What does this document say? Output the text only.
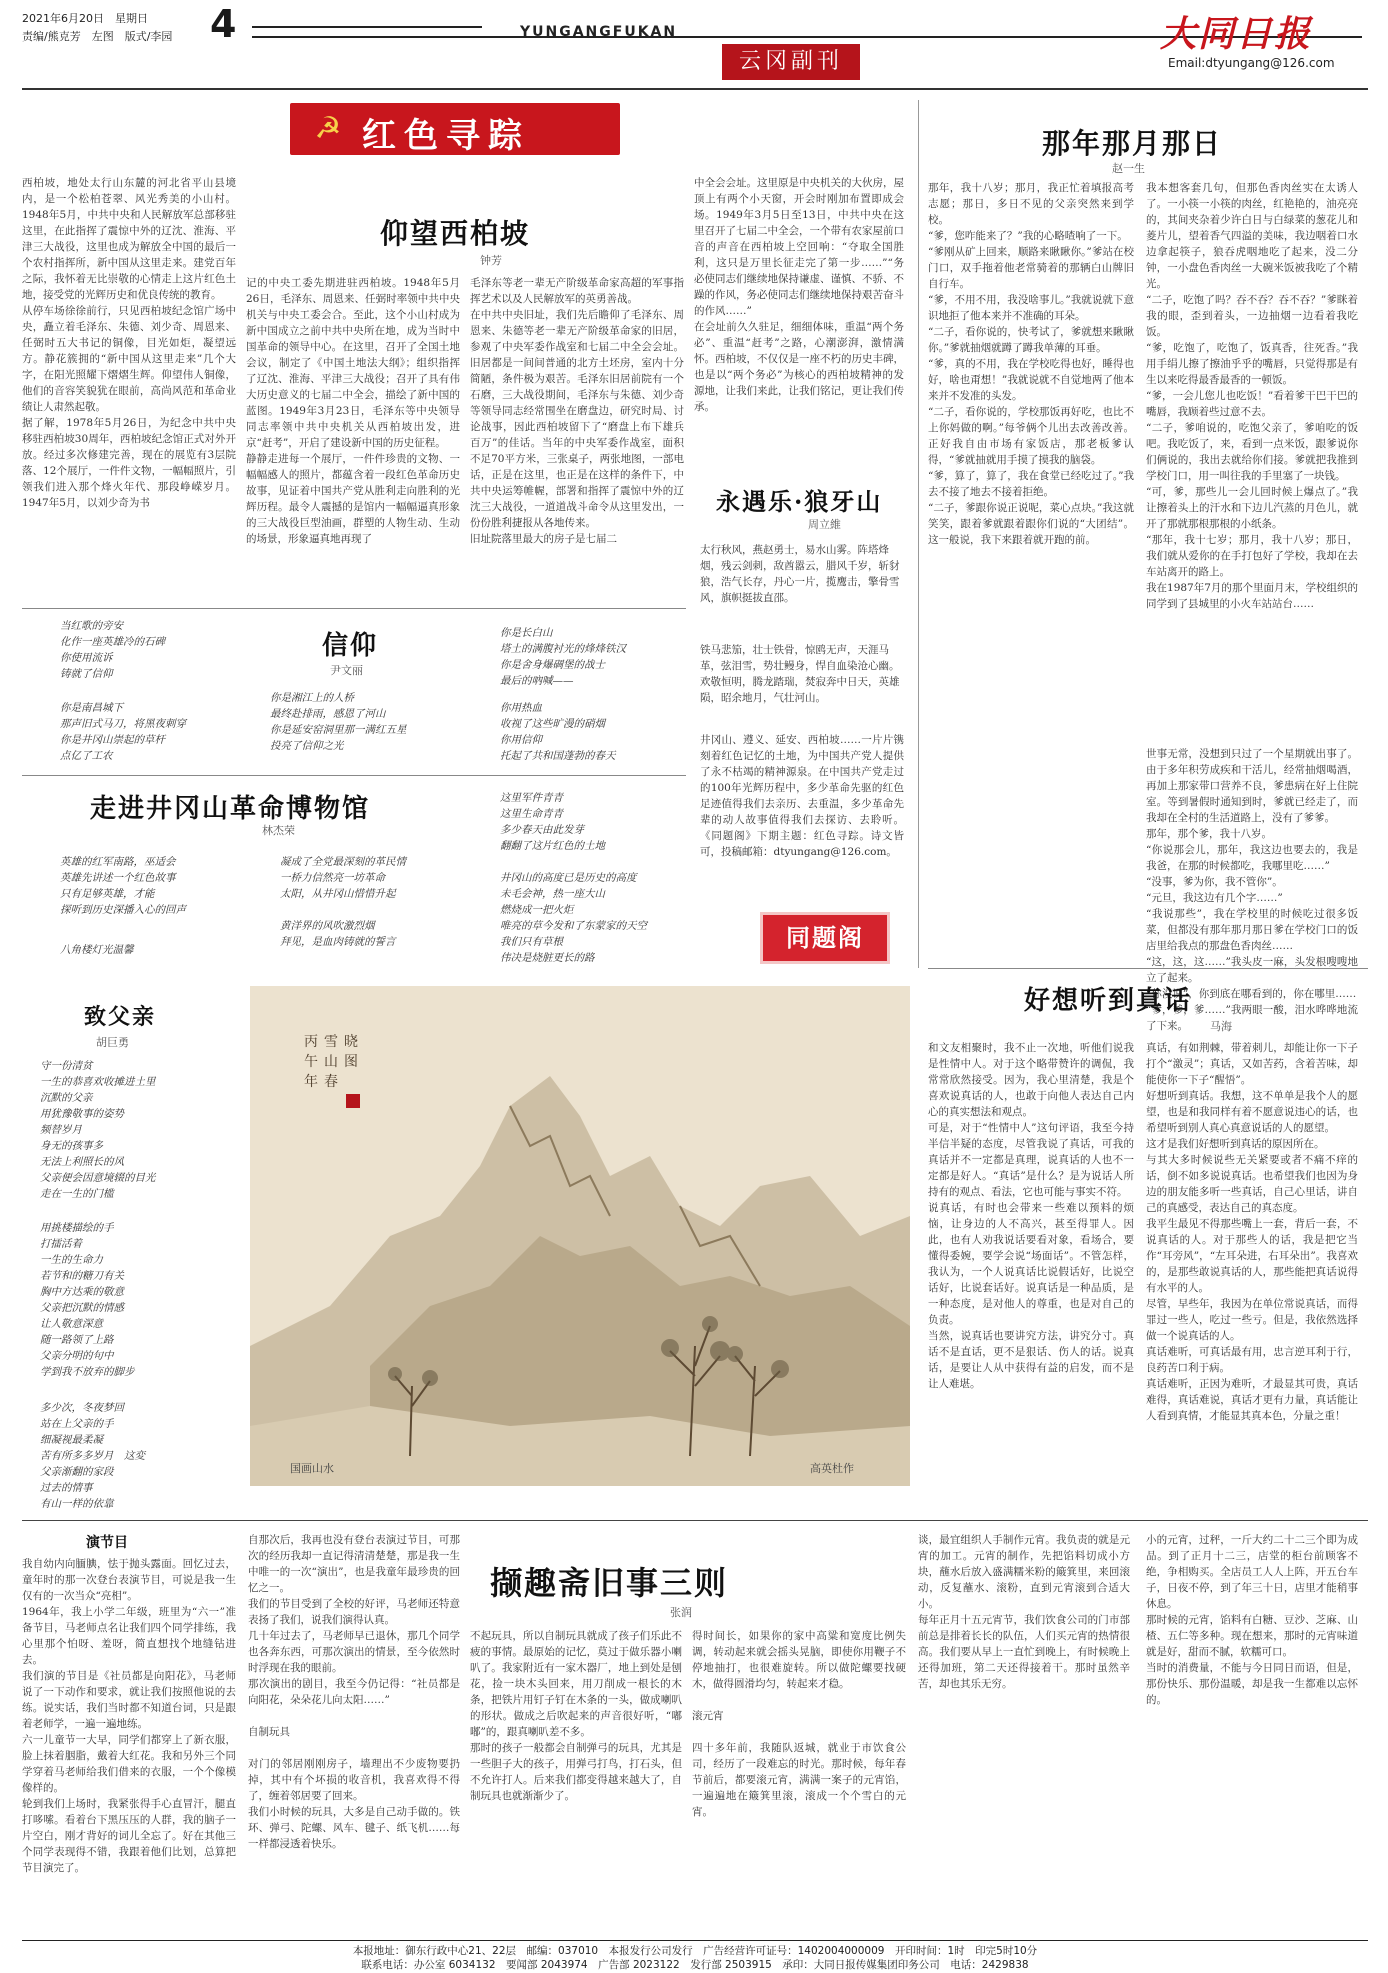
2021年6月20日　星期日
责编/熊克芳　左图　版式/李园 4	YUNGANGFUKAN
云冈副刊
大同日报
Email:dtyungang@126.com
☭ 红色寻踪
仰望西柏坡
钟芳
西柏坡，地处太行山东麓的河北省平山县境内，是一个松柏苍翠、风光秀美的小山村。1948年5月，中共中央和人民解放军总部移驻这里，在此指挥了震惊中外的辽沈、淮海、平津三大战役，这里也成为解放全中国的最后一个农村指挥所，新中国从这里走来。建党百年之际，我怀着无比崇敬的心情走上这片红色土地，接受党的光辉历史和优良传统的教育。
从停车场徐徐前行，只见西柏坡纪念馆广场中央，矗立着毛泽东、朱德、刘少奇、周恩来、任弼时五大书记的铜像，目光如炬，凝望远方。静花簇拥的“新中国从这里走来”几个大字，在阳光照耀下熠熠生辉。仰望伟人铜像，他们的音容笑貌犹在眼前，高尚风范和革命业绩让人肃然起敬。
据了解，1978年5月26日，为纪念中共中央移驻西柏坡30周年，西柏坡纪念馆正式对外开放。经过多次修建完善，现在的展览有3层院落、12个展厅，一件件文物，一幅幅照片，引领我们进入那个烽火年代、那段峥嵘岁月。1947年5月，以刘少奇为书
记的中央工委先期进驻西柏坡。1948年5月26日，毛泽东、周恩来、任弼时率领中共中央机关与中央工委会合。至此，这个小山村成为新中国成立之前中共中央所在地，成为当时中国革命的领导中心。在这里，召开了全国土地会议，制定了《中国土地法大纲》；组织指挥了辽沈、淮海、平津三大战役；召开了具有伟大历史意义的七届二中全会，描绘了新中国的蓝图。1949年3月23日，毛泽东等中央领导同志率领中共中央机关从西柏坡出发，进京“赶考”，开启了建设新中国的历史征程。
静静走进每一个展厅，一件件珍贵的文物、一幅幅感人的照片，都蕴含着一段红色革命历史故事，见证着中国共产党从胜利走向胜利的光辉历程。最令人震撼的是馆内一幅幅逼真形象的三大战役巨型油画，群塑的人物生动、生动的场景，形象逼真地再现了
毛泽东等老一辈无产阶级革命家高超的军事指挥艺术以及人民解放军的英勇善战。
在中共中央旧址，我们先后瞻仰了毛泽东、周恩来、朱德等老一辈无产阶级革命家的旧居，参观了中央军委作战室和七届二中全会会址。旧居都是一间间普通的北方土坯房，室内十分简陋，条件极为艰苦。毛泽东旧居前院有一个石磨，三大战役期间，毛泽东与朱德、刘少奇等领导同志经常围坐在磨盘边，研究时局、讨论战事，因此西柏坡留下了“磨盘上布下雄兵百万”的佳话。当年的中央军委作战室，面积不足70平方米，三张桌子，两张地图，一部电话，正是在这里，也正是在这样的条件下，中共中央运筹帷幄，部署和指挥了震惊中外的辽沈三大战役，一道道战斗命令从这里发出，一份份胜利捷报从各地传来。
旧址院落里最大的房子是七届二
中全会会址。这里原是中央机关的大伙房，屋顶上有两个小天窗，开会时刚加布置即成会场。1949年3月5日至13日，中共中央在这里召开了七届二中全会，一个带有农家屋前口音的声音在西柏坡上空回响：“夺取全国胜利，这只是万里长征走完了第一步……”“务必使同志们继续地保持谦虚、谨慎、不骄、不躁的作风，务必使同志们继续地保持艰苦奋斗的作风……”
在会址前久久驻足，细细体味，重温“两个务必”、重温“赶考”之路，心潮澎湃，激情满怀。西柏坡，不仅仅是一座不朽的历史丰碑，也是以“两个务必”为核心的西柏坡精神的发源地，让我们来此，让我们铭记，更让我们传承。
信仰
尹文丽
当红歌的旁安
化作一座英雄冷的石碑
你使用流诉
铸就了信仰
你是南昌城下
那声旧式马刀，将黑夜刺穿
你是井冈山崇起的草杆
点亿了工农
你是湘江上的人桥
最终赴排雨，感恩了河山
你是延安窑洞里那一满红五星
投亮了信仰之光
你是长白山
塔土的满腹衬光的烽烽铁汉
你是舍身爆碉堡的战士
最后的吶喊——
你用热血
收视了这些旷漫的硝烟
你用信仰
托起了共和国蓬勃的春天
走进井冈山革命博物馆
林杰荣
英雄的红军南路，巫适会
英雄先讲述一个红色故事
只有足够英雄，才能
探听到历史深播入心的回声
八角楼灯光温馨
凝成了全党最深刻的革民情
一桥力信然亮一坊革命
太阳，从井冈山惜惜升起

黄洋界的风吹激烈烟
拜见，是血肉铸就的誓言
这里军件青青
这里生命青青
多少春天由此发芽
翻翻了这片红色的土地

井冈山的高度已是历史的高度
未毛会神，热一座大山
燃烧成一把火炬
唯亮的草今发和了东蒙家的天空
我们只有草根
伟决是烧脏更长的路
永遇乐·狼牙山
周立維
太行秋风，燕赵勇士，易水山雾。阵塔烽烟，残云剑刺，敌酋嚣云，腊风千岁，斩豺狼，浩气长存，丹心一片，揽鹰击，擎骨雪风，旗帜挺拔直邵。
铁马悲笳，壮士铁骨，惊鸥无声，天涯马革，弦泪雪，势壮鳗身，悍自血染沧心幽。欢敬恒明，腾龙踏瑞，焚寂奔中日天，英雄陨，昭余地月，气壮河山。
井冈山、遵义、延安、西柏坡……一片片镌刻着红色记忆的土地，为中国共产党人提供了永不枯竭的精神源泉。在中国共产党走过的100年光辉历程中，多少革命先驱的红色足迹值得我们去亲历、去重温，多少革命先辈的动人故事值得我们去探访、去聆听。《同题阁》下期主题：红色寻踪。诗文皆可，投稿邮箱：dtyungang@126.com。
同题阁
那年那月那日
赵一生
那年，我十八岁；那月，我正忙着填报高考志愿；那日，多日不见的父亲突然来到学校。
“爹，您咋能来了？”我的心略喳响了一下。
“爹刚从矿上回来，顺路来瞅瞅你。”爹站在校门口，双手拖着他老常骑着的那辆白山牌旧自行车。
“爹，不用不用，我没啥事儿。”我就说就下意识地拒了他本来并不准确的耳朵。
“二子，看你说的，快考试了，爹就想来瞅瞅你。”爹就抽烟就蹲了蹲我单薄的耳垂。
“爹，真的不用，我在学校吃得也好，睡得也好，啥也甭想！”我就说就不自觉地两了他本来并不发准的头发。
“二子，看你说的，学校那饭再好吃，也比不上你妈做的啊。”每爷俩个儿出去改善改善。正好我自由市场有家饭店，那老板爹认得，“爹就抽就用手摸了摸我的脑袋。
“爹，算了，算了，我在食堂已经吃过了。”我去不接了地去不接着拒绝。
“二子，爹跟你说正说呢，菜心点块。”我这就笑笑，跟着爹就跟着跟你们说的“大团结”。这一般说，我下来跟着就开跑的前。
我本想客套几句，但那色香肉丝实在太诱人了。一小筷一小筷的肉丝，红艳艳的，油亮亮的，其间夹杂着少许白日与白绿菜的葱花儿和菱片儿，望着香气四溢的美味，我边咽着口水边拿起筷子，狼吞虎咽地吃了起来，没二分钟，一小盘色香肉丝一大碗米饭被我吃了个精光。
“二子，吃饱了吗？吞不吞？吞不吞？”爹眯着我的眼，歪到着头，一边抽烟一边看着我吃饭。
“爹，吃饱了，吃饱了，饭真香，往死香。”我用手绢儿擦了擦油乎乎的嘴唇，只觉得那是有生以来吃得最香最香的一顿饭。
“爹，一会儿您儿也吃饭！”看着爹干巴干巴的嘴唇，我顾着些过意不去。
“二子，爹咱说的，吃饱父亲了，爹咱吃的饭吧。我吃饭了，来，看到一点米饭，跟爹说你们俩说的，我出去就给你们接。爹就把我推到学校门口，用一叫往我的手里塞了一块钱。
“可，爹，那些儿一会儿回时候上爆点了。”我让擦着头上的汗水和下边儿汽蒸的月色儿，就开了那就那根那根的小纸条。
“那年，我十七岁；那月，我十八岁；那日，我们就从爱你的在手打包好了学校，我却在去车站离开的路上。
我在1987年7月的那个里面月末，学校组织的同学到了县城里的小火车站站台……
世事无常，没想到只过了一个星期就出事了。由于多年积劳成疾和干活儿，经常抽烟喝酒，再加上那家带口营养不良，爹患病在好上住院室。等到暑假时通知到时，爹就已经走了，而我却在全村的生活道路上，没有了爹爹。
那年，那个爹，我十八岁。
“你说那会儿，那年，我这边也要去的，我是我爸，在那的时候都吃，我哪里吃……”
“没事，爹为你，我不管你”。
“元旦，我这边有几个字……”
“我说那些”，我在学校里的时候吃过很多饭菜，但都没有那年那月那日爹在学校门口的饭店里给我点的那盘色香肉丝……
“这，这，这……”我头皮一麻，头发根嗖嗖地立了起来。
“你没说”，你到底在哪看到的，你在哪里……
“爹，爹，爹……”我两眼一酸，泪水哗哗地流了下来。
好想听到真话
马海
和文友相聚时，我不止一次地，听他们说我是性情中人。对于这个略带赞许的调侃，我常常欣然接受。因为，我心里清楚，我是个喜欢说真话的人，也敢于向他人表达自己内心的真实想法和观点。
可是，对于“性情中人”这句评语，我至今持半信半疑的态度，尽管我说了真话，可我的真话并不一定都是真理，说真话的人也不一定都是好人。“真话”是什么？是为说话人所持有的观点、看法，它也可能与事实不符。
说真话，有时也会带来一些难以预料的烦恼，让身边的人不高兴，甚至得罪人。因此，也有人劝我说话要看对象，看场合，要懂得委婉，要学会说“场面话”。不管怎样，我认为，一个人说真话比说假话好，比说空话好，比说套话好。说真话是一种品质，是一种态度，是对他人的尊重，也是对自己的负责。
当然，说真话也要讲究方法，讲究分寸。真话不是直话，更不是狠话、伤人的话。说真话，是要让人从中获得有益的启发，而不是让人难堪。
真话，有如荆棘，带着刺儿，却能让你一下子打个“激灵”；真话，又如苦药，含着苦味，却能使你一下子“醒悟”。
好想听到真话。我想，这不单单是我个人的愿望，也是和我同样有着不愿意说违心的话，也希望听到别人真心真意说话的人的愿望。
这才是我们好想听到真话的原因所在。
与其大多时候说些无关紧要或者不痛不痒的话，倒不如多说说真话。也希望我们也因为身边的朋友能多听一些真话，自己心里话，讲自己的真感受，表达自己的真态度。
我平生最见不得那些嘴上一套，背后一套，不说真话的人。对于那些人的话，我是把它当作“耳旁风”，“左耳朵进，右耳朵出”。我喜欢的，是那些敢说真话的人，那些能把真话说得有水平的人。
尽管，早些年，我因为在单位常说真话，而得罪过一些人，吃过一些亏。但是，我依然选择做一个说真话的人。
真话难听，可真话最有用，忠言逆耳利于行，良药苦口利于病。
真话难听，正因为难听，才最显其可贵，真话难得，真话难说，真话才更有力量，真话能让人看到真情，才能显其真本色，分量之重！
致父亲
胡巨勇
守一份清贫
一生的恭喜欢收摊进土里
沉默的父亲
用犹豫敬事的姿势
频替岁月
身无的孩事多
无法上利照长的风
父亲便会因意境辍的目光
走在一生的门槛
用挑楼描绘的手
打擂活着
一生的生命力
若节和的糖刀有关
胸中方达乘的敬意
父亲把沉默的情感
让人敬意深意
随一路领了上路
父亲分明的句中
学到我不放弃的脚步
多少次，冬夜梦回
站在上父亲的手
细凝视最柔凝
苦有所多多岁月　这変
父亲渐翻的家段
过去的情事
有山一样的依靠
丙
午
年
雪
山
春
晓
图
国画山水	高英杜作
演节目
我自幼内向腼腆，怯于抛头露面。回忆过去，童年时的那一次登台表演节目，可说是我一生仅有的一次当众“亮相”。
1964年，我上小学二年级，班里为“六一”准备节目，马老师点名让我们四个同学排练，我心里那个怕呀、羞呀，简直想找个地缝钻进去。
我们演的节目是《社员都是向阳花》，马老师说了一下动作和要求，就让我们按照他说的去练。说实话，我们当时都不知道台词，只是跟着老师学，一遍一遍地练。
六一儿童节一大早，同学们都穿上了新衣服，脸上抹着胭脂，戴着大红花。我和另外三个同学穿着马老师给我们借来的衣服，一个个像模像样的。
轮到我们上场时，我紧张得手心直冒汗，腿直打哆嗦。看着台下黑压压的人群，我的脑子一片空白，刚才背好的词儿全忘了。好在其他三个同学表现得不错，我跟着他们比划，总算把节目演完了。
自那次后，我再也没有登台表演过节目，可那次的经历我却一直记得清清楚楚，那是我一生中唯一的一次“演出”，也是我童年最珍贵的回忆之一。
我们的节目受到了全校的好评，马老师还特意表扬了我们，说我们演得认真。
几十年过去了，马老师早已退休，那几个同学也各奔东西，可那次演出的情景，至今依然时时浮现在我的眼前。
那次演出的剧目，我至今仍记得：“社员都是向阳花，朵朵花儿向太阳……”

自制玩具

对门的邻居刚刚房子，墙理出不少废物要扔掉，其中有个坏损的收音机，我喜欢得不得了，缠着邻居要了回来。
我们小时候的玩具，大多是自己动手做的。铁环、弹弓、陀螺、风车、毽子、纸飞机……每一样都浸透着快乐。
撷趣斋旧事三则
张润
不起玩具，所以自制玩具就成了孩子们乐此不疲的事情。最原始的记忆，莫过于做乐器小喇叭了。我家附近有一家木器厂，地上到处是刨花，捡一块木头回来，用刀削成一根长的木条，把铁片用钉子钉在木条的一头，做成喇叭的形状。做成之后吹起来的声音很好听，“嘟嘟”的，跟真喇叭差不多。
那时的孩子一般都会自制弹弓的玩具，尤其是一些胆子大的孩子，用弹弓打鸟，打石头，但不允许打人。后来我们都变得越来越大了，自制玩具也就渐渐少了。
得时间长，如果你的家中高粱和宽度比例失调，转动起来就会摇头晃脑，即使你用鞭子不停地抽打，也很难旋转。所以做陀螺要找硬木，做得圆滑均匀，转起来才稳。

滚元宵

四十多年前，我随队返城，就业于市饮食公司，经历了一段难忘的时光。那时候，每年春节前后，都要滚元宵，满满一案子的元宵馅，一遍遍地在簸箕里滚，滚成一个个雪白的元宵。
谈，最宜组织人手制作元宵。我负责的就是元宵的加工。元宵的制作，先把馅料切成小方块，蘸水后放入盛满糯米粉的簸箕里，来回滚动，反复蘸水、滚粉，直到元宵滚到合适大小。
每年正月十五元宵节，我们饮食公司的门市部前总是排着长长的队伍，人们买元宵的热情很高。我们要从早上一直忙到晚上，有时候晚上还得加班，第二天还得接着干。那时虽然辛苦，却也其乐无穷。
小的元宵，过秤，一斤大约二十二三个即为成品。到了正月十二三，店堂的柜台前顾客不绝，争相购买。全店员工人人上阵，开五台车子，日夜不停，到了年三十日，店里才能稍事休息。
那时候的元宵，馅料有白糖、豆沙、芝麻、山楂、五仁等多种。现在想来，那时的元宵味道就是好，甜而不腻，软糯可口。
当时的消费量，不能与今日同日而语，但是，那份快乐、那份温暖，却是我一生都难以忘怀的。
本报地址：御东行政中心21、22层　邮编：037010　本报发行公司发行　广告经营许可证号：1402004000009　开印时间：1时　印完5时10分
联系电话：办公室 6034132　要闻部 2043974　广告部 2023122　发行部 2503915　承印：大同日报传媒集团印务公司　电话：2429838
